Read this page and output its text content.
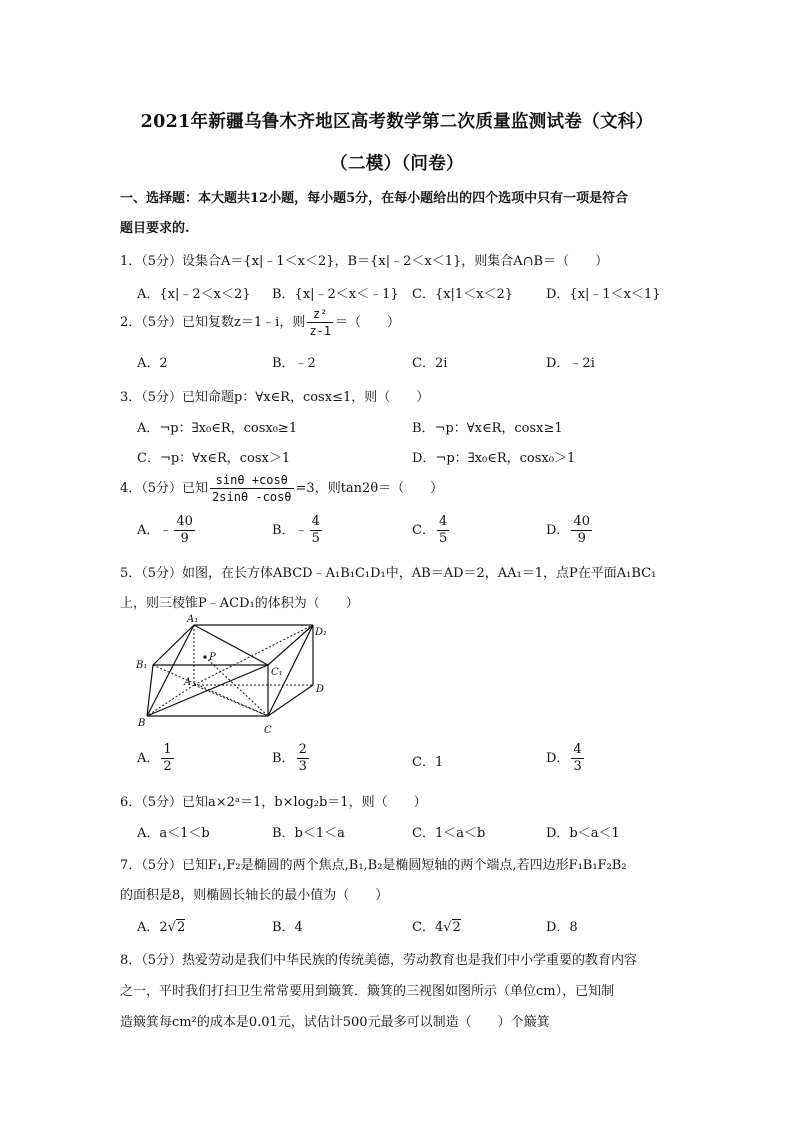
2021年新疆乌鲁木齐地区高考数学第二次质量监测试卷（文科）
（二模）（问卷）
一、选择题：本大题共12小题，每小题5分，在每小题给出的四个选项中只有一项是符合
题目要求的.
1．（5分）设集合A＝{x|﹣1＜x＜2}，B＝{x|﹣2＜x＜1}，则集合A∩B＝（　　）
A．{x|﹣2＜x＜2} B．{x|﹣2＜x＜﹣1} C．{x|1＜x＜2}	D．{x|﹣1＜x＜1}
2．（5分）已知复数z＝1﹣i，则 $\frac{\text{z²}}{z-1}$ ＝（　　）
A．2	B．﹣2	C．2i	D．﹣2i
3．（5分）已知命题p：∀x∈R，cosx≤1，则（　　）
A．¬p：∃x₀∈R，cosx₀≥1	B．¬p：∀x∈R，cosx≥1
C．¬p：∀x∈R，cosx＞1	D．¬p：∃x₀∈R，cosx₀＞1
4．（5分）已知 $\frac{\sin\theta +\cos\theta}{2\sin\theta -\cos\theta} =3$，则tan2θ＝（　　）
A．﹣ $\frac{40}{9}$	B．﹣ $\frac{4}{5}$	C． $\frac{4}{5}$	D． $\frac{40}{9}$
5．（5分）如图，在长方体ABCD﹣A₁B₁C₁D₁中，AB＝AD＝2，AA₁＝1，点P在平面A₁BC₁
上，则三棱锥P﹣ACD₁的体积为（　　）
A₁
D₁
B₁
C₁
P
A
D
B
C
A． $\frac{1}{2}$	B． $\frac{2}{3}$	C．1	D． $\frac{4}{3}$
6．（5分）已知a×2ᵃ＝1，b×log₂b＝1，则（　　）
A．a＜1＜b	B．b＜1＜a	C．1＜a＜b	D．b＜a＜1
7．（5分）已知F₁,F₂是椭圆的两个焦点,B₁,B₂是椭圆短轴的两个端点,若四边形F₁B₁F₂B₂
的面积是8，则椭圆长轴长的最小值为（　　）
A．2√2	B．4	C．4√2	D．8
8．（5分）热爱劳动是我们中华民族的传统美德，劳动教育也是我们中小学重要的教育内容
之一，平时我们打扫卫生常常要用到簸箕．簸箕的三视图如图所示（单位cm），已知制
造簸箕每cm²的成本是0.01元，试估计500元最多可以制造（　　）个簸箕
